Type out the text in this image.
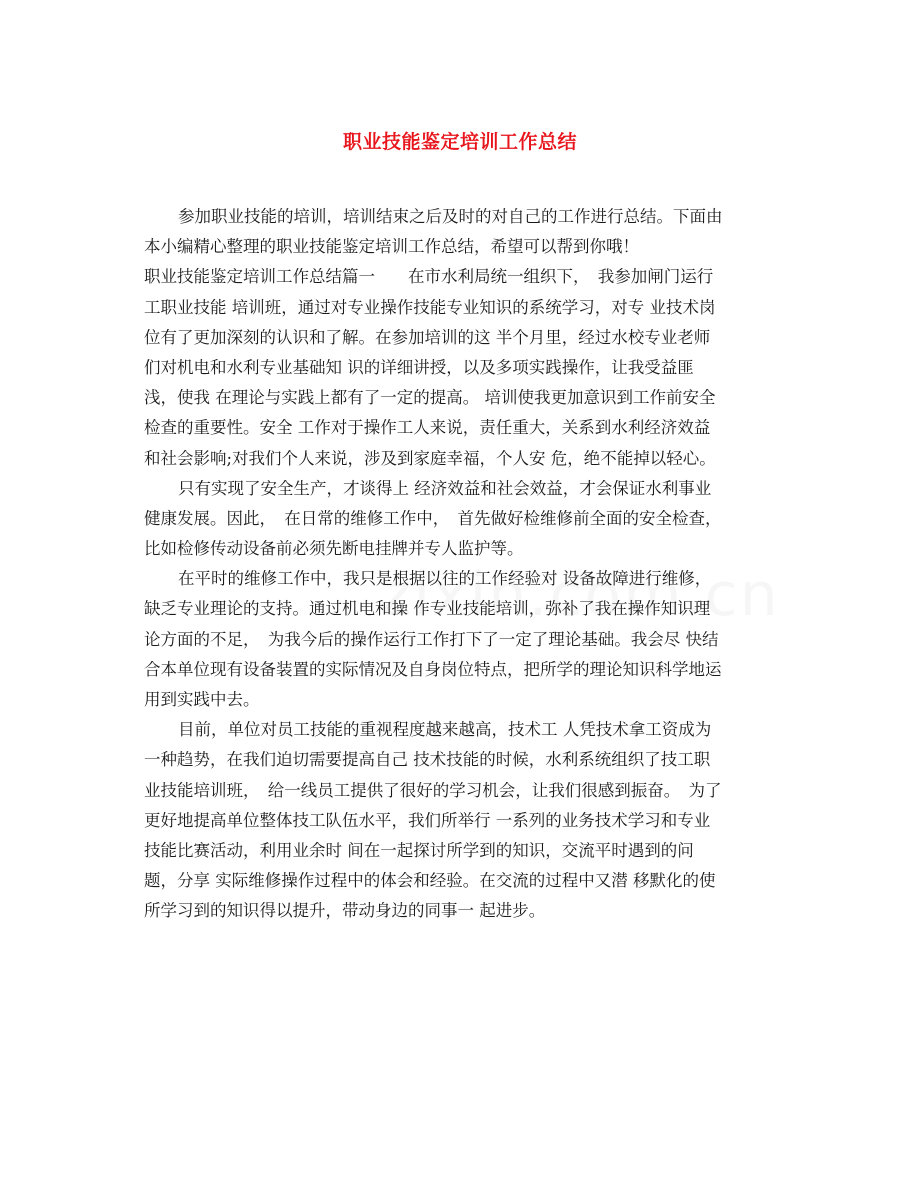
职业技能鉴定培训工作总结
参加职业技能的培训，培训结束之后及时的对自己的工作进行总结。下面由
本小编精心整理的职业技能鉴定培训工作总结，希望可以帮到你哦！
职业技能鉴定培训工作总结篇一　　在市水利局统一组织下，　我参加闸门运行
工职业技能 培训班，通过对专业操作技能专业知识的系统学习，对专 业技术岗
位有了更加深刻的认识和了解。在参加培训的这 半个月里，经过水校专业老师
们对机电和水利专业基础知 识的详细讲授，以及多项实践操作，让我受益匪
浅，使我 在理论与实践上都有了一定的提高。 培训使我更加意识到工作前安全
检查的重要性。安全 工作对于操作工人来说，责任重大，关系到水利经济效益
和社会影响;对我们个人来说，涉及到家庭幸福，个人安 危，绝不能掉以轻心。
只有实现了安全生产，才谈得上 经济效益和社会效益，才会保证水利事业
健康发展。因此，　在日常的维修工作中，　首先做好检维修前全面的安全检查，
比如检修传动设备前必须先断电挂牌并专人监护等。
在平时的维修工作中，我只是根据以往的工作经验对 设备故障进行维修，
缺乏专业理论的支持。通过机电和操 作专业技能培训，弥补了我在操作知识理
论方面的不足，　为我今后的操作运行工作打下了一定了理论基础。我会尽 快结
合本单位现有设备装置的实际情况及自身岗位特点，把所学的理论知识科学地运
用到实践中去。
目前，单位对员工技能的重视程度越来越高，技术工 人凭技术拿工资成为
一种趋势，在我们迫切需要提高自己 技术技能的时候，水利系统组织了技工职
业技能培训班，　给一线员工提供了很好的学习机会，让我们很感到振奋。　为了
更好地提高单位整体技工队伍水平，我们所举行 一系列的业务技术学习和专业
技能比赛活动，利用业余时 间在一起探讨所学到的知识，交流平时遇到的问
题，分享 实际维修操作过程中的体会和经验。在交流的过程中又潜 移默化的使
所学习到的知识得以提升，带动身边的同事一 起进步。
